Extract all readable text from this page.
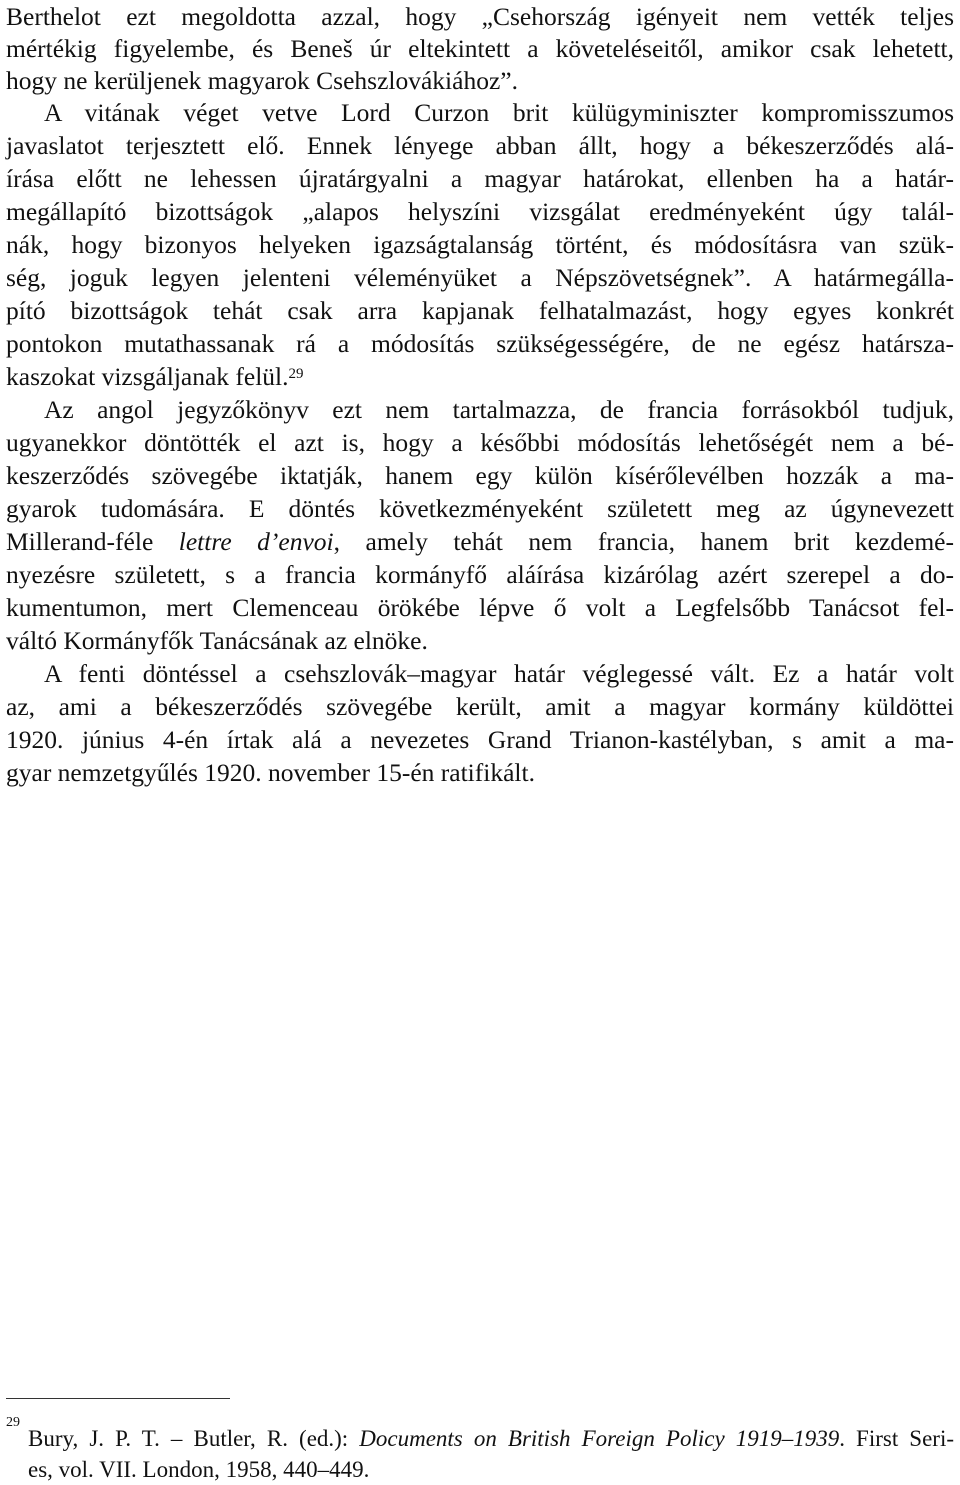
Berthelot ezt megoldotta azzal, hogy „Csehország igényeit nem vették teljes
mértékig figyelembe, és Beneš úr eltekintett a követeléseitől, amikor csak lehetett,
hogy ne kerüljenek magyarok Csehszlovákiához”.
A vitának véget vetve Lord Curzon brit külügyminiszter kompromisszumos
javaslatot terjesztett elő. Ennek lényege abban állt, hogy a békeszerződés alá-
írása előtt ne lehessen újratárgyalni a magyar határokat, ellenben ha a határ-
megállapító bizottságok „alapos helyszíni vizsgálat eredményeként úgy talál-
nák, hogy bizonyos helyeken igazságtalanság történt, és módosításra van szük-
ség, joguk legyen jelenteni véleményüket a Népszövetségnek”. A határmegálla-
pító bizottságok tehát csak arra kapjanak felhatalmazást, hogy egyes konkrét
pontokon mutathassanak rá a módosítás szükségességére, de ne egész határsza-
kaszokat vizsgáljanak felül.$^{29}$
Az angol jegyzőkönyv ezt nem tartalmazza, de francia forrásokból tudjuk,
ugyanekkor döntötték el azt is, hogy a későbbi módosítás lehetőségét nem a bé-
keszerződés szövegébe iktatják, hanem egy külön kísérőlevélben hozzák a ma-
gyarok tudomására. E döntés következményeként született meg az úgynevezett
Millerand-féle lettre d’envoi, amely tehát nem francia, hanem brit kezdemé-
nyezésre született, s a francia kormányfő aláírása kizárólag azért szerepel a do-
kumentumon, mert Clemenceau örökébe lépve ő volt a Legfelsőbb Tanácsot fel-
váltó Kormányfők Tanácsának az elnöke.
A fenti döntéssel a csehszlovák–magyar határ véglegessé vált. Ez a határ volt
az, ami a békeszerződés szövegébe került, amit a magyar kormány küldöttei
1920. június 4-én írtak alá a nevezetes Grand Trianon-kastélyban, s amit a ma-
gyar nemzetgyűlés 1920. november 15-én ratifikált.
29
Bury, J. P. T. – Butler, R. (ed.): Documents on British Foreign Policy 1919–1939. First Seri-
es, vol. VII. London, 1958, 440–449.
